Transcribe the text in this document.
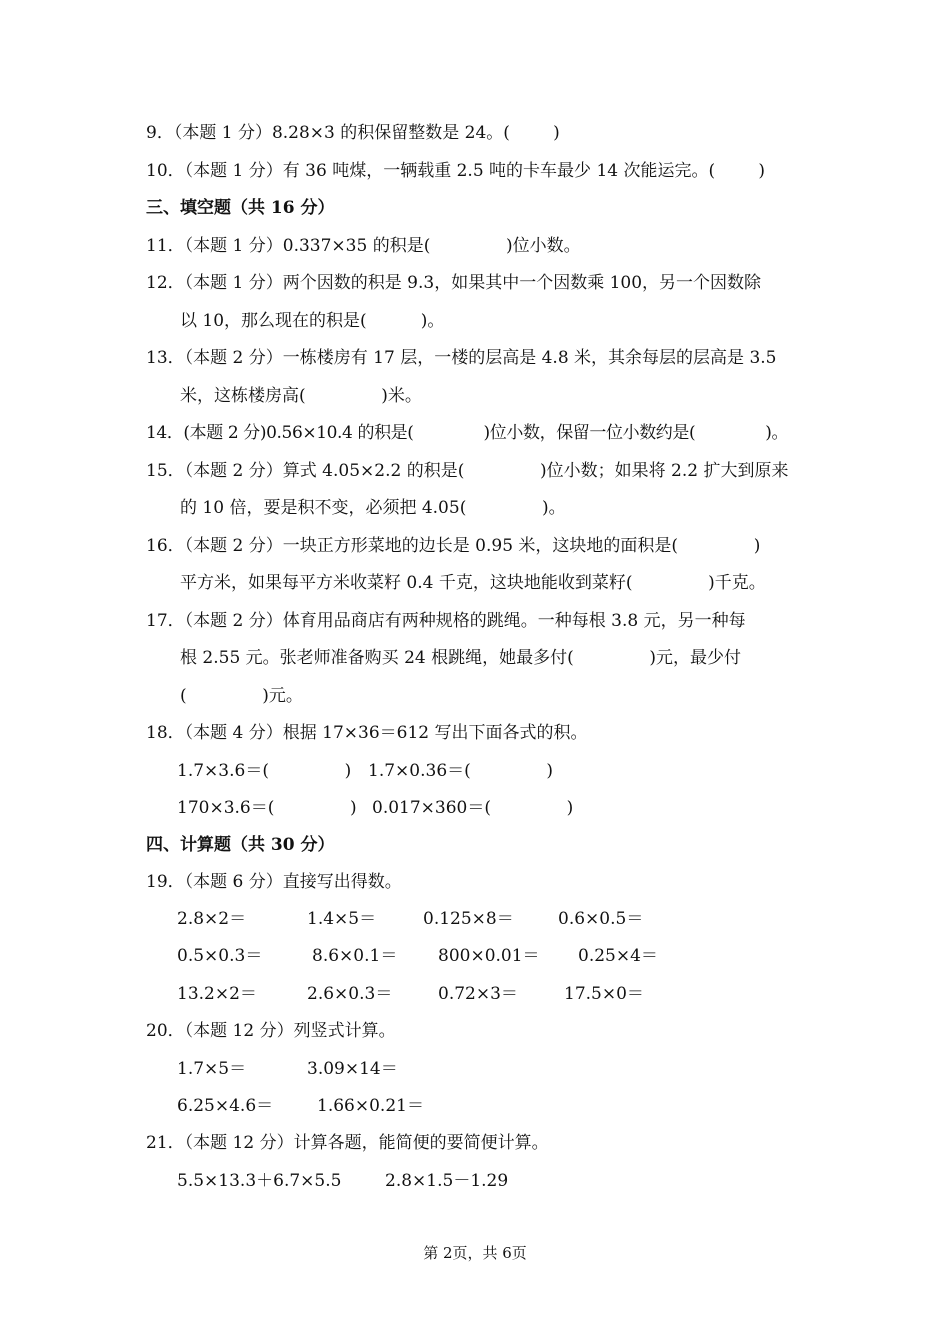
9．（本题 1 分）8.28×3 的积保留整数是 24。(        )
10．（本题 1 分）有 36 吨煤，一辆载重 2.5 吨的卡车最少 14 次能运完。(        )
三、填空题（共 16 分）
11．（本题 1 分）0.337×35 的积是(              )位小数。
12．（本题 1 分）两个因数的积是 9.3，如果其中一个因数乘 100，另一个因数除
以 10，那么现在的积是(          )。
13．（本题 2 分）一栋楼房有 17 层，一楼的层高是 4.8 米，其余每层的层高是 3.5
米，这栋楼房高(              )米。
14．(本题 2 分)0.56×10.4 的积是(              )位小数，保留一位小数约是(              )。
15．（本题 2 分）算式 4.05×2.2 的积是(              )位小数；如果将 2.2 扩大到原来
的 10 倍，要是积不变，必须把 4.05(              )。
16．（本题 2 分）一块正方形菜地的边长是 0.95 米，这块地的面积是(              )
平方米，如果每平方米收菜籽 0.4 千克，这块地能收到菜籽(              )千克。
17．（本题 2 分）体育用品商店有两种规格的跳绳。一种每根 3.8 元，另一种每
根 2.55 元。张老师准备购买 24 根跳绳，她最多付(              )元，最少付
(              )元。
18．（本题 4 分）根据 17×36＝612 写出下面各式的积。
1.7×3.6＝(              ) 1.7×0.36＝(              )
170×3.6＝(              ) 0.017×360＝(              )
四、计算题（共 30 分）
19．（本题 6 分）直接写出得数。
2.8×2＝	1.4×5＝	0.125×8＝	0.6×0.5＝
0.5×0.3＝	8.6×0.1＝ 800×0.01＝ 0.25×4＝
13.2×2＝	2.6×0.3＝	0.72×3＝	17.5×0＝
20．（本题 12 分）列竖式计算。
1.7×5＝	3.09×14＝
6.25×4.6＝	1.66×0.21＝
21．（本题 12 分）计算各题，能简便的要简便计算。
5.5×13.3＋6.7×5.5	2.8×1.5－1.29
第 2页，共 6页
